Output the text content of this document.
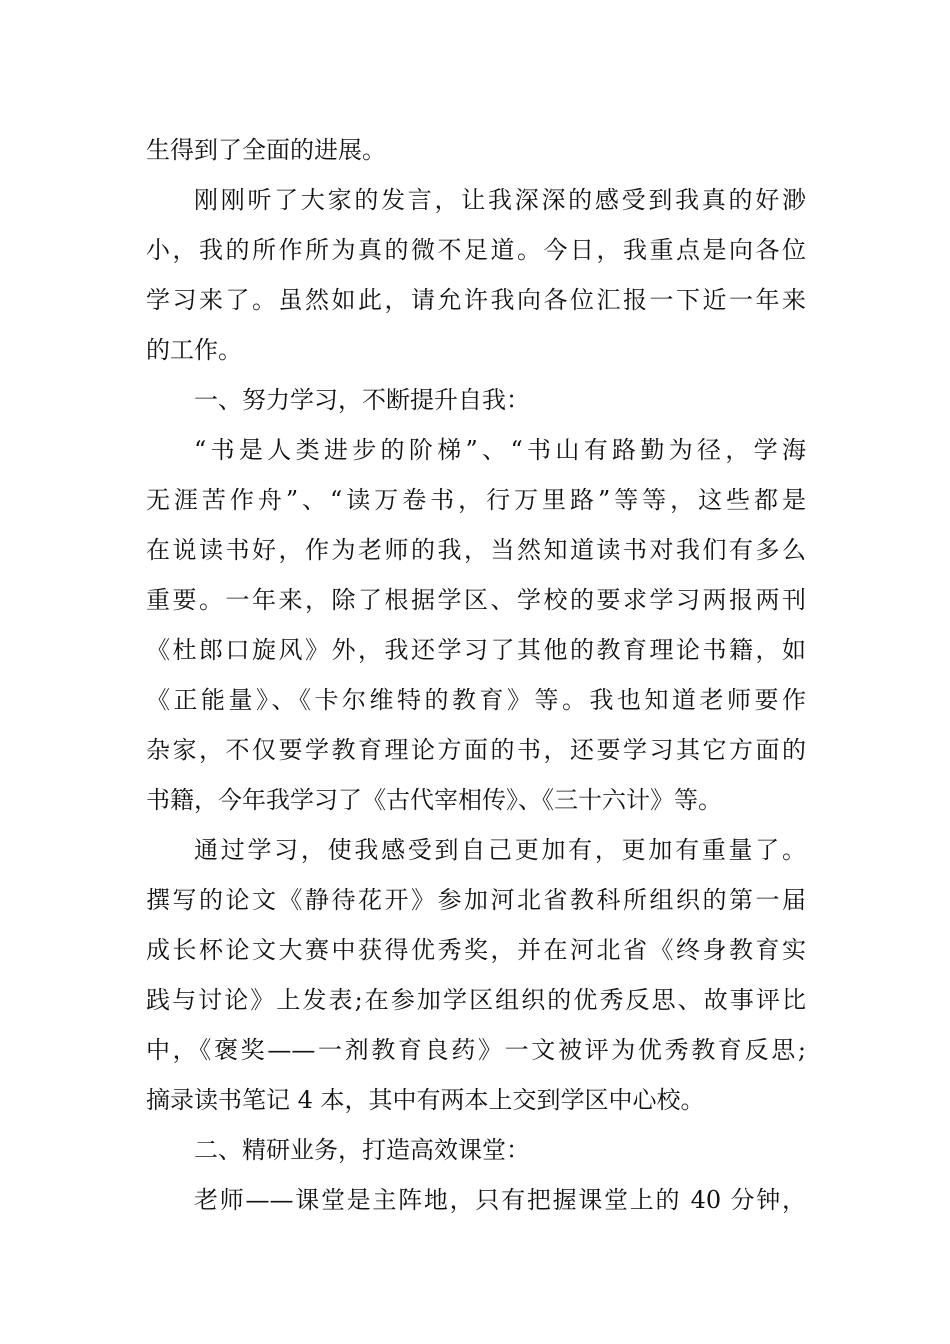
生得到了全面的进展。
刚刚听了大家的发言，让我深深的感受到我真的好渺
小，我的所作所为真的微不足道。今日，我重点是向各位
学习来了。虽然如此，请允许我向各位汇报一下近一年来
的工作。
一、努力学习，不断提升自我：
“书是人类进步的阶梯”、“书山有路勤为径，学海
无涯苦作舟”、“读万卷书，行万里路”等等，这些都是
在说读书好，作为老师的我，当然知道读书对我们有多么
重要。一年来，除了根据学区、学校的要求学习两报两刊
《杜郎口旋风》外，我还学习了其他的教育理论书籍，如
《正能量》、《卡尔维特的教育》等。我也知道老师要作
杂家，不仅要学教育理论方面的书，还要学习其它方面的
书籍，今年我学习了《古代宰相传》、《三十六计》等。
通过学习，使我感受到自己更加有，更加有重量了。
撰写的论文《静待花开》参加河北省教科所组织的第一届
成长杯论文大赛中获得优秀奖，并在河北省《终身教育实
践与讨论》上发表;在参加学区组织的优秀反思、故事评比
中，《褒奖——一剂教育良药》一文被评为优秀教育反思;
摘录读书笔记 4 本，其中有两本上交到学区中心校。
二、精研业务，打造高效课堂：
老师——课堂是主阵地，只有把握课堂上的 40 分钟，
